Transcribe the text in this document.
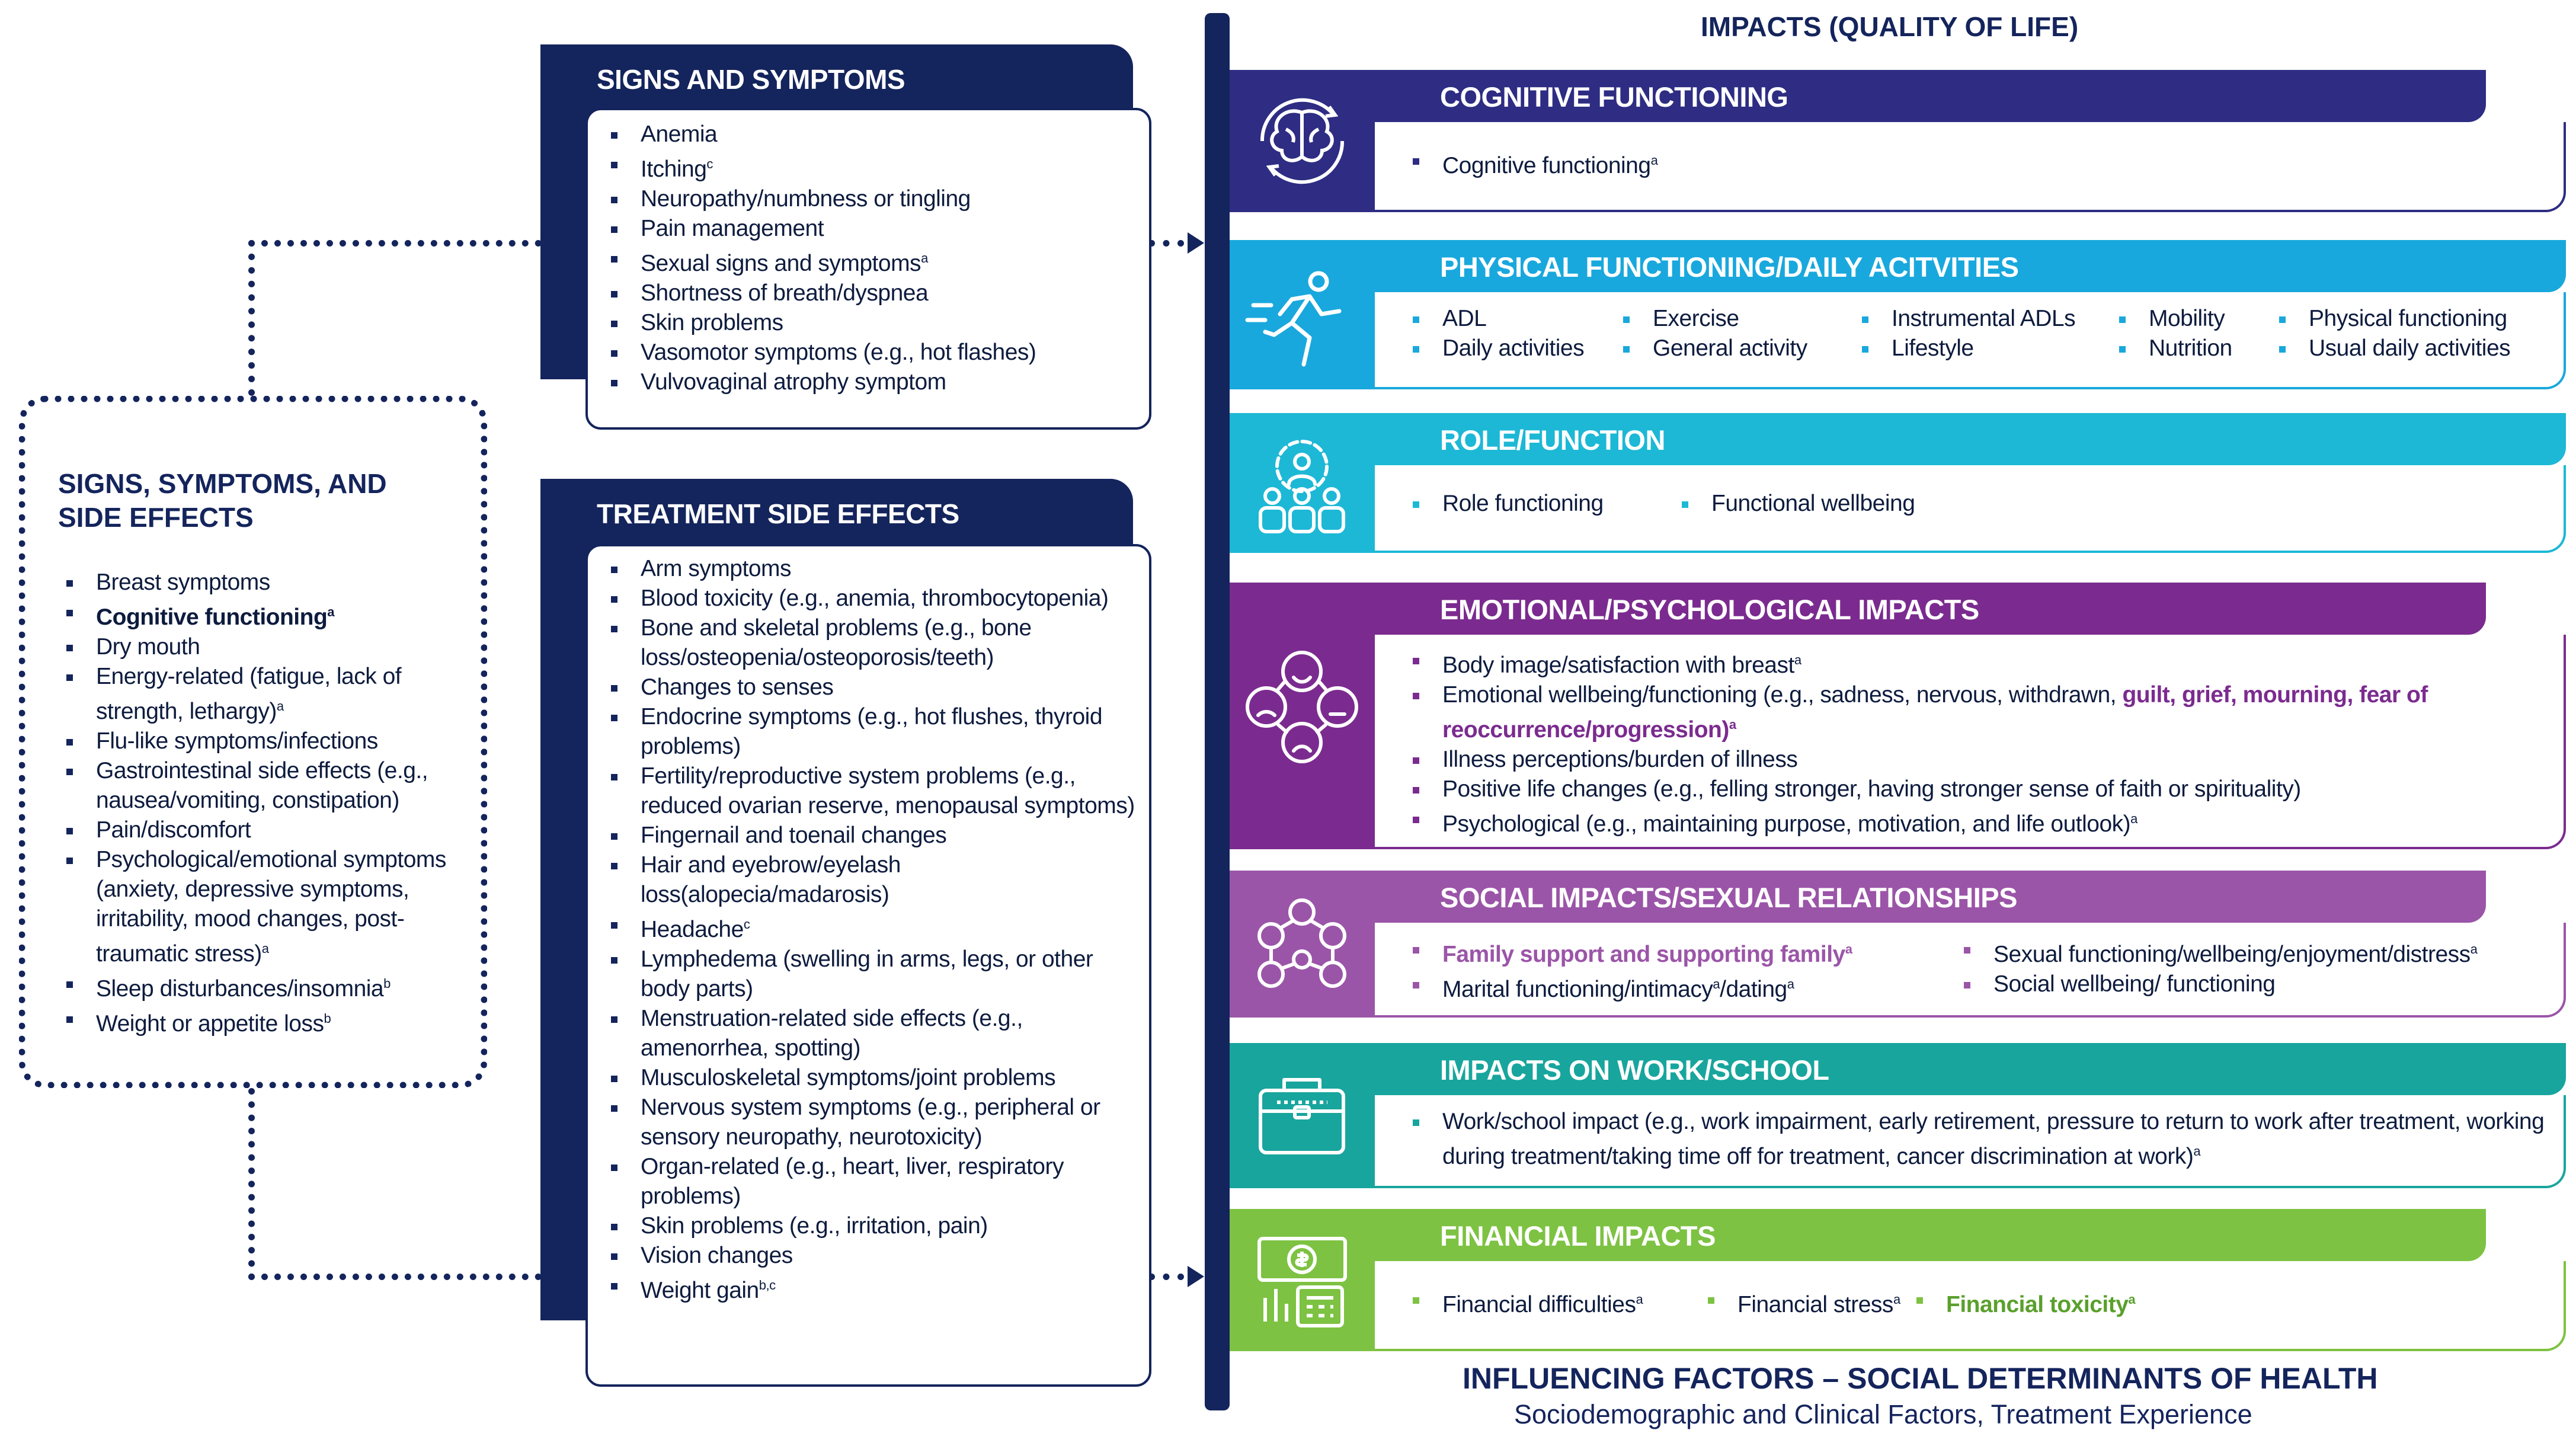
SIGNS, SYMPTOMS, AND
SIDE EFFECTS
Breast symptoms
Cognitive functioning$^a$
Dry mouth
Energy-related (fatigue, lack of strength, lethargy)$^a$
Flu-like symptoms/infections
Gastrointestinal side effects (e.g., nausea/vomiting, constipation)
Pain/discomfort
Psychological/emotional symptoms (anxiety, depressive symptoms, irritability, mood changes, post-traumatic stress)$^a$
Sleep disturbances/insomnia$^b$
Weight or appetite loss$^b$
SIGNS AND SYMPTOMS
Anemia
Itching$^c$
Neuropathy/numbness or tingling
Pain management
Sexual signs and symptoms$^a$
Shortness of breath/dyspnea
Skin problems
Vasomotor symptoms (e.g., hot flashes)
Vulvovaginal atrophy symptom
TREATMENT SIDE EFFECTS
Arm symptoms
Blood toxicity (e.g., anemia, thrombocytopenia)
Bone and skeletal problems (e.g., bone loss/osteopenia/osteoporosis/teeth)
Changes to senses
Endocrine symptoms (e.g., hot flushes, thyroid problems)
Fertility/reproductive system problems (e.g., reduced ovarian reserve, menopausal symptoms)
Fingernail and toenail changes
Hair and eyebrow/eyelash loss(alopecia/madarosis)
Headache$^c$
Lymphedema (swelling in arms, legs, or other body parts)
Menstruation-related side effects (e.g., amenorrhea, spotting)
Musculoskeletal symptoms/joint problems
Nervous system symptoms (e.g., peripheral or sensory neuropathy, neurotoxicity)
Organ-related (e.g., heart, liver, respiratory problems)
Skin problems (e.g., irritation, pain)
Vision changes
Weight gain$^{b,c}$
IMPACTS (QUALITY OF LIFE)
COGNITIVE FUNCTIONING
Cognitive functioning$^a$
PHYSICAL FUNCTIONING/DAILY ACITVITIES
ADL
Daily activities
Exercise
General activity
Instrumental ADLs
Lifestyle
Mobility
Nutrition
Physical functioning
Usual daily activities
ROLE/FUNCTION
Role functioning	Functional wellbeing
EMOTIONAL/PSYCHOLOGICAL IMPACTS
Body image/satisfaction with breast$^a$
Emotional wellbeing/functioning (e.g., sadness, nervous, withdrawn, guilt, grief, mourning, fear of reoccurrence/progression)$^a$
Illness perceptions/burden of illness
Positive life changes (e.g., felling stronger, having stronger sense of faith or spirituality)
Psychological (e.g., maintaining purpose, motivation, and life outlook)$^a$
SOCIAL IMPACTS/SEXUAL RELATIONSHIPS
Family support and supporting family$^a$
Marital functioning/intimacy$^a$/dating$^a$
Sexual functioning/wellbeing/enjoyment/distress$^a$
Social wellbeing/ functioning
IMPACTS ON WORK/SCHOOL
Work/school impact (e.g., work impairment, early retirement, pressure to return to work after treatment, working during treatment/taking time off for treatment, cancer discrimination at work)$^a$
FINANCIAL IMPACTS
Financial difficulties$^a$	Financial stress$^a$	Financial toxicity$^a$
INFLUENCING FACTORS – SOCIAL DETERMINANTS OF HEALTH
Sociodemographic and Clinical Factors, Treatment Experience
